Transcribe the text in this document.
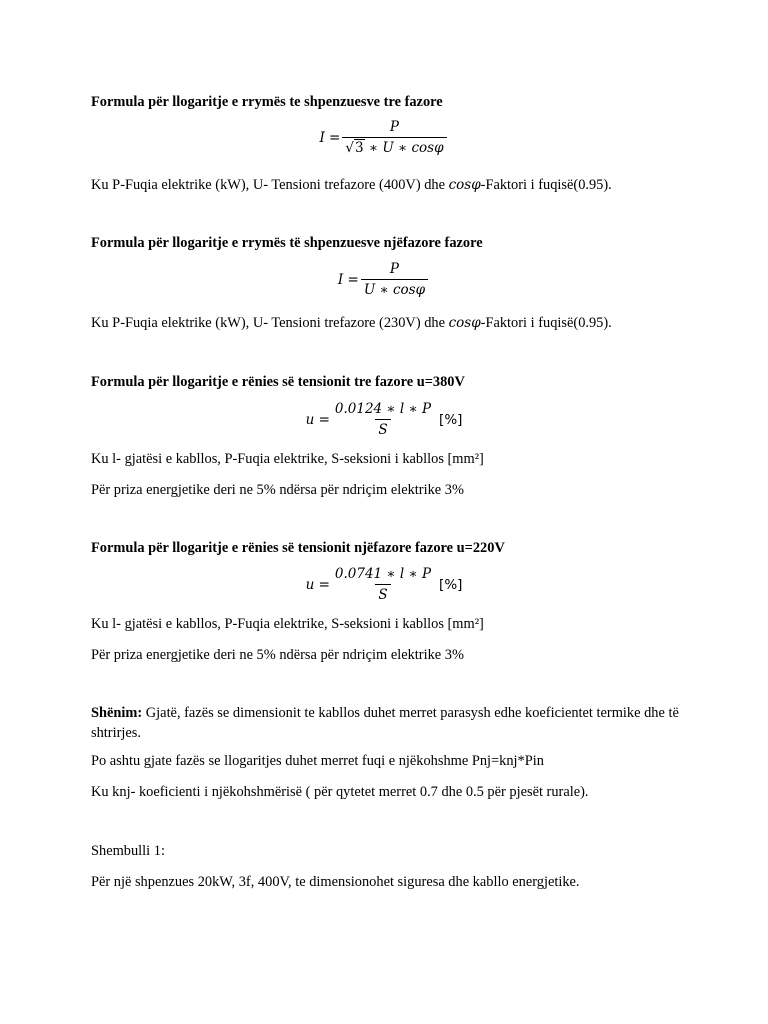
Formula për llogaritje e rrymës te shpenzuesve tre fazore
$I = \frac{P}{√3 ∗ U ∗ \cos\varphi}$
Ku P-Fuqia elektrike (kW), U- Tensioni trefazore (400V) dhe cosφ-Faktori i fuqisë(0.95).
Formula për llogaritje e rrymës të shpenzuesve njëfazore fazore
$I = \frac{P}{U ∗ \cos\varphi}$
Ku P-Fuqia elektrike (kW), U- Tensioni trefazore (230V) dhe cosφ-Faktori i fuqisë(0.95).
Formula për llogaritje e rënies së tensionit tre fazore u=380V
$u = \frac{0.0124 ∗ l ∗ P}{S}$ [%]
Ku l- gjatësi e kabllos, P-Fuqia elektrike, S-seksioni i kabllos [mm²]
Për priza energjetike deri ne 5% ndërsa për ndriçim elektrike 3%
Formula për llogaritje e rënies së tensionit njëfazore fazore u=220V
$u = \frac{0.0741 ∗ l ∗ P}{S}$ [%]
Ku l- gjatësi e kabllos, P-Fuqia elektrike, S-seksioni i kabllos [mm²]
Për priza energjetike deri ne 5% ndërsa për ndriçim elektrike 3%
Shënim: Gjatë, fazës se dimensionit te kabllos duhet merret parasysh edhe koeficientet termike dhe të shtrirjes.
Po ashtu gjate fazës se llogaritjes duhet merret fuqi e njëkohshme Pnj=knj*Pin
Ku knj- koeficienti i njëkohshmërisë ( për qytetet merret 0.7 dhe 0.5 për pjesët rurale).
Shembulli 1:
Për një shpenzues 20kW, 3f, 400V, te dimensionohet siguresa dhe kabllo energjetike.
